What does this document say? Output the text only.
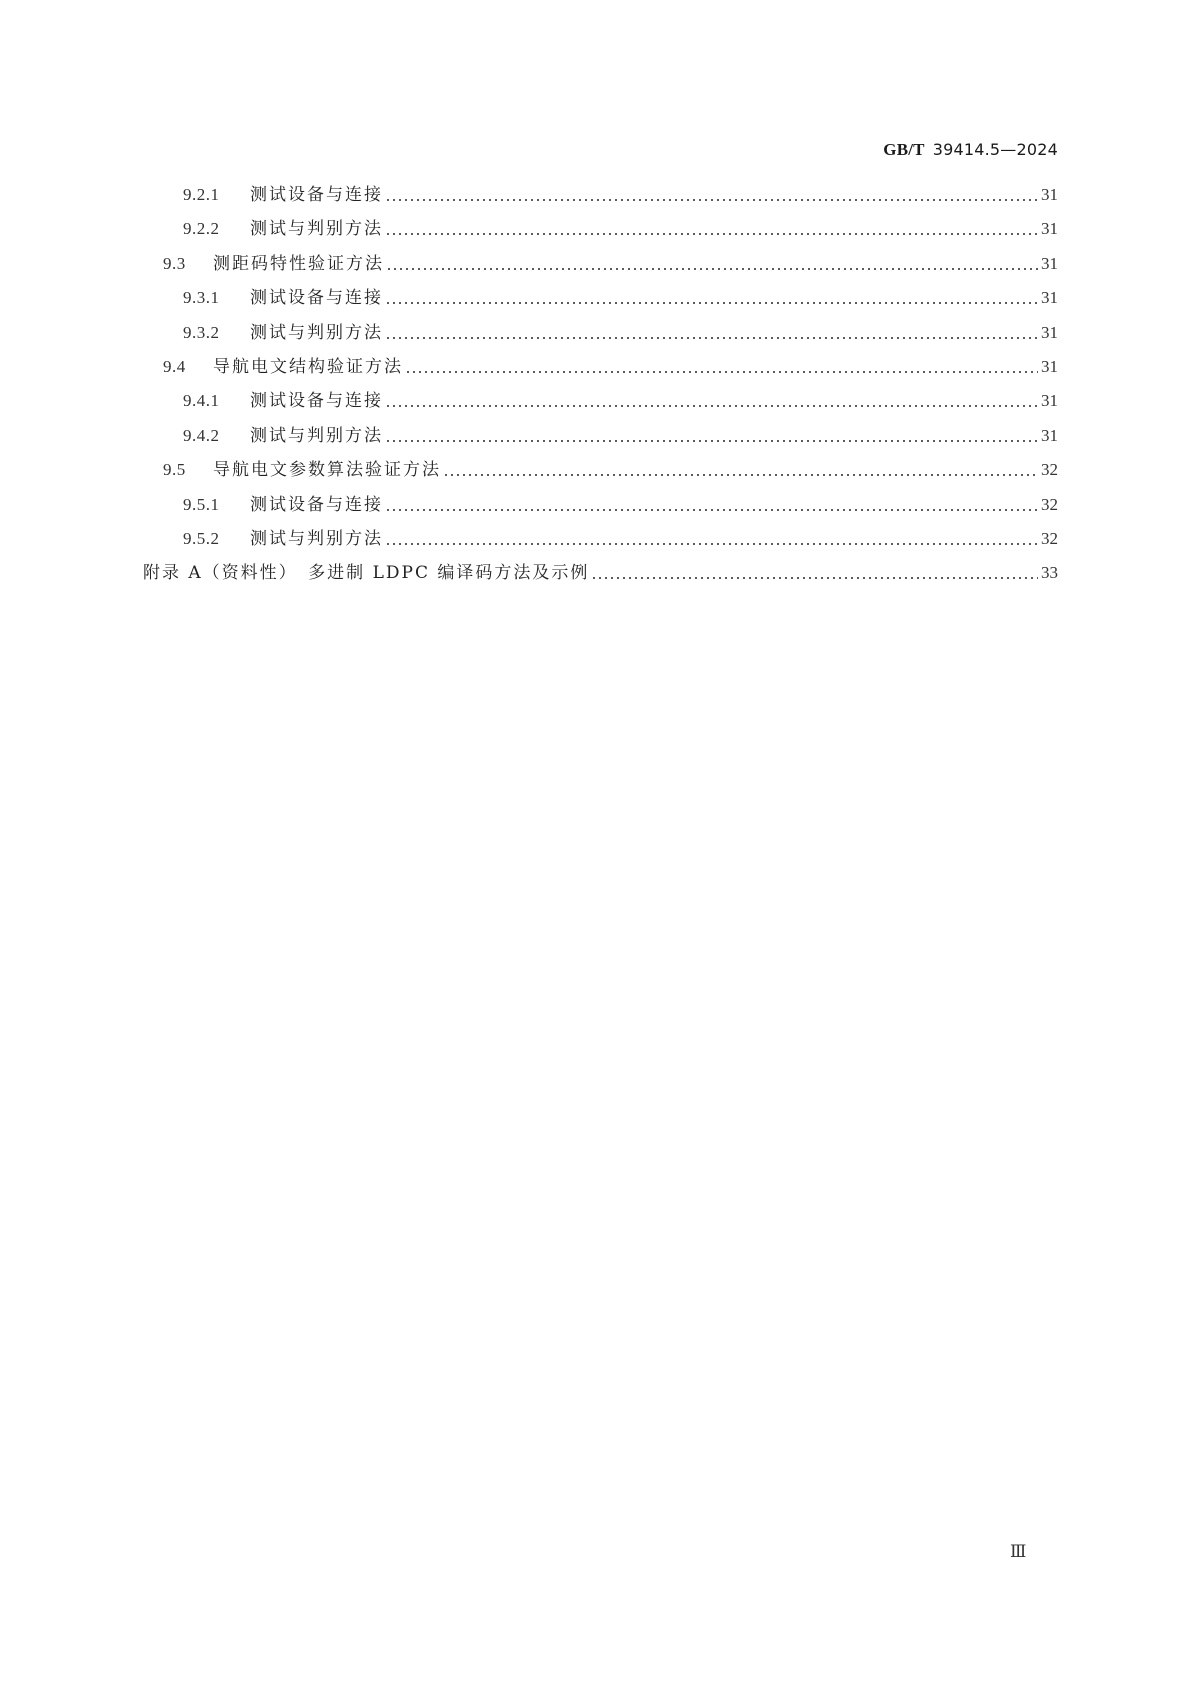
GB/T 39414.5—2024
9.2.1	测试设备与连接	31
9.2.2	测试与判别方法	31
9.3	测距码特性验证方法	31
9.3.1	测试设备与连接	31
9.3.2	测试与判别方法	31
9.4	导航电文结构验证方法	31
9.4.1	测试设备与连接	31
9.4.2	测试与判别方法	31
9.5	导航电文参数算法验证方法	32
9.5.1	测试设备与连接	32
9.5.2	测试与判别方法	32
附录 A（资料性）　多进制 LDPC 编译码方法及示例	33
Ⅲ
